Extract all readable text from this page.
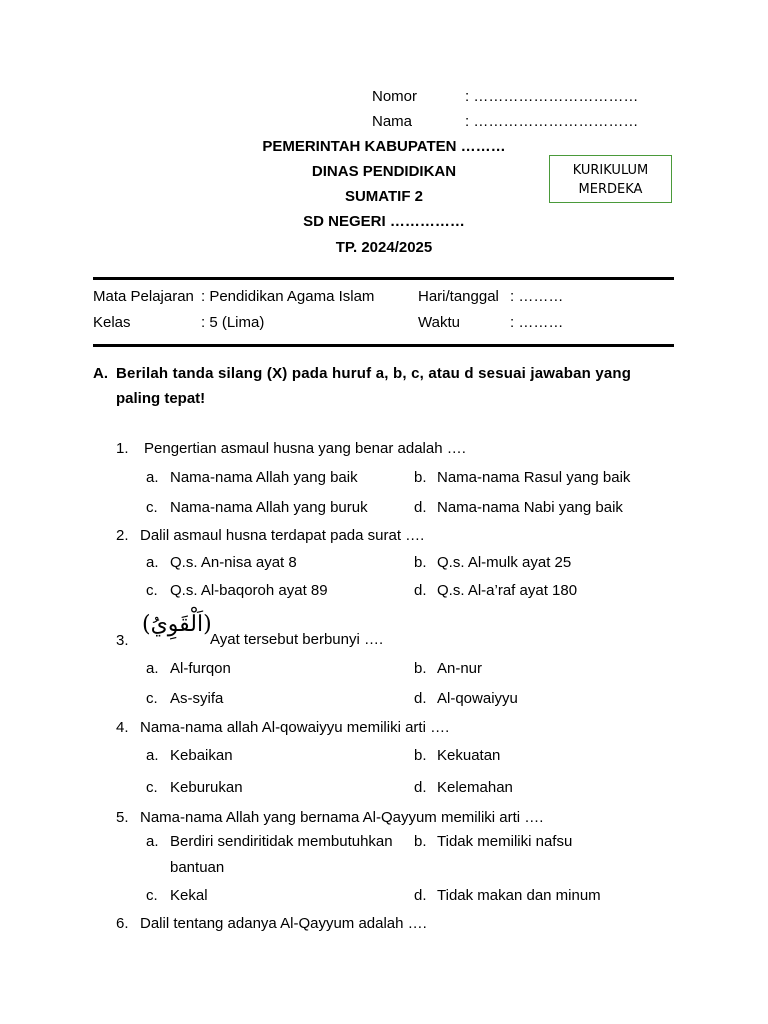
Nomor	: ……………………………
Nama	: ……………………………
PEMERINTAH KABUPATEN ………
DINAS PENDIDIKAN
SUMATIF 2
SD NEGERI ……………
TP. 2024/2025
KURIKULUM
MERDEKA
Mata Pelajaran : Pendidikan Agama Islam	Hari/tanggal : ………
Kelas	: 5 (Lima)	Waktu	: ………
A. Berilah tanda silang (X) pada huruf a, b, c, atau d sesuai jawaban yang
paling tepat!
1. Pengertian asmaul husna yang benar adalah ….
a. Nama-nama Allah yang baik	b. Nama-nama Rasul yang baik
c. Nama-nama Allah yang buruk	d. Nama-nama Nabi yang baik
2. Dalil asmaul husna terdapat pada surat ….
a. Q.s. An-nisa ayat 8	b. Q.s. Al-mulk ayat 25
c. Q.s. Al-baqoroh ayat 89	d. Q.s. Al-a’raf ayat 180
3.
(اَلْقَوِيُ)
Ayat tersebut berbunyi ….
a. Al-furqon	b. An-nur
c. As-syifa	d. Al-qowaiyyu
4. Nama-nama allah Al-qowaiyyu memiliki arti ….
a. Kebaikan	b. Kekuatan
c. Keburukan	d. Kelemahan
5. Nama-nama Allah yang bernama Al-Qayyum memiliki arti ….
a. Berdiri sendiritidak membutuhkan
bantuan
b. Tidak memiliki nafsu
c. Kekal	d. Tidak makan dan minum
6. Dalil tentang adanya Al-Qayyum adalah ….
